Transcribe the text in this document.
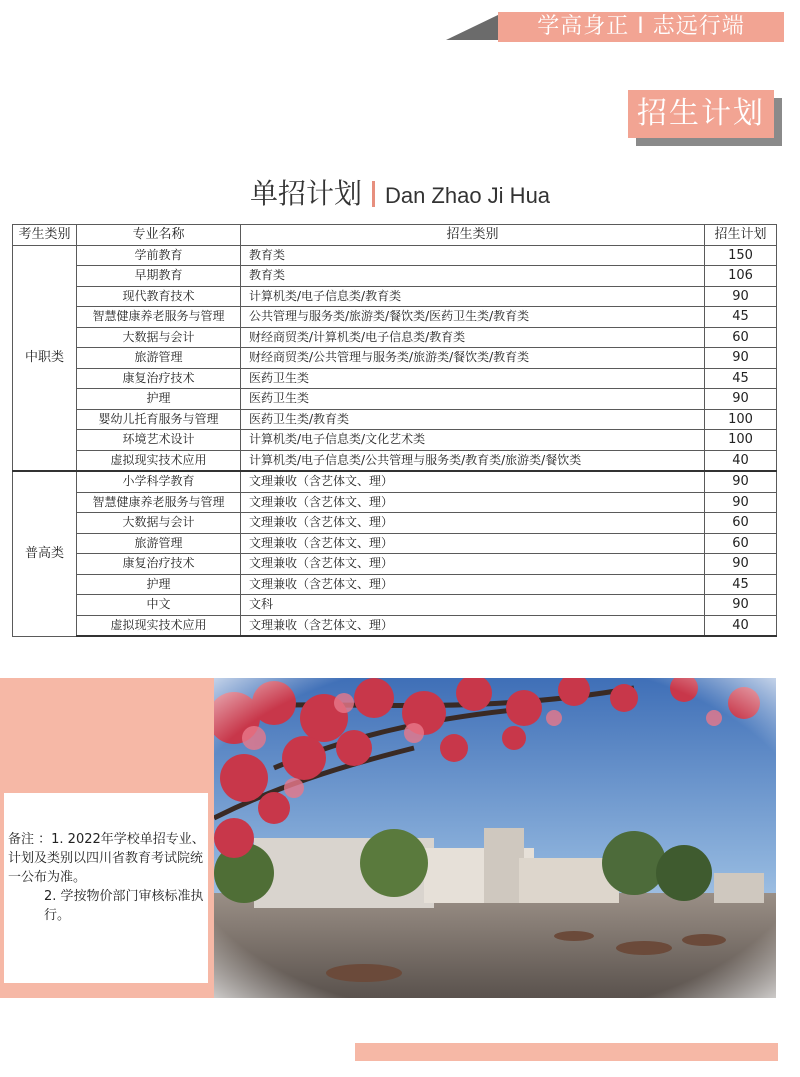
学高身正 I 志远行端
招生计划
单招计划 Dan Zhao Ji Hua
考生类别	专业名称	招生类别	招生计划
中职类	学前教育	教育类	150
	早期教育	教育类	106
	现代教育技术	计算机类/电子信息类/教育类	90
	智慧健康养老服务与管理	公共管理与服务类/旅游类/餐饮类/医药卫生类/教育类	45
	大数据与会计	财经商贸类/计算机类/电子信息类/教育类	60
	旅游管理	财经商贸类/公共管理与服务类/旅游类/餐饮类/教育类	90
	康复治疗技术	医药卫生类	45
	护理	医药卫生类	90
	婴幼儿托育服务与管理	医药卫生类/教育类	100
	环境艺术设计	计算机类/电子信息类/文化艺术类	100
	虚拟现实技术应用	计算机类/电子信息类/公共管理与服务类/教育类/旅游类/餐饮类	40
普高类	小学科学教育	文理兼收（含艺体文、理）	90
	智慧健康养老服务与管理	文理兼收（含艺体文、理）	90
	大数据与会计	文理兼收（含艺体文、理）	60
	旅游管理	文理兼收（含艺体文、理）	60
	康复治疗技术	文理兼收（含艺体文、理）	90
	护理	文理兼收（含艺体文、理）	45
	中文	文科	90
	虚拟现实技术应用	文理兼收（含艺体文、理）	40

备注 ：1. 2022年学校单招专业、计划及类别以四川省教育考试院统一公布为准。

2. 学按物价部门审核标准执行。
